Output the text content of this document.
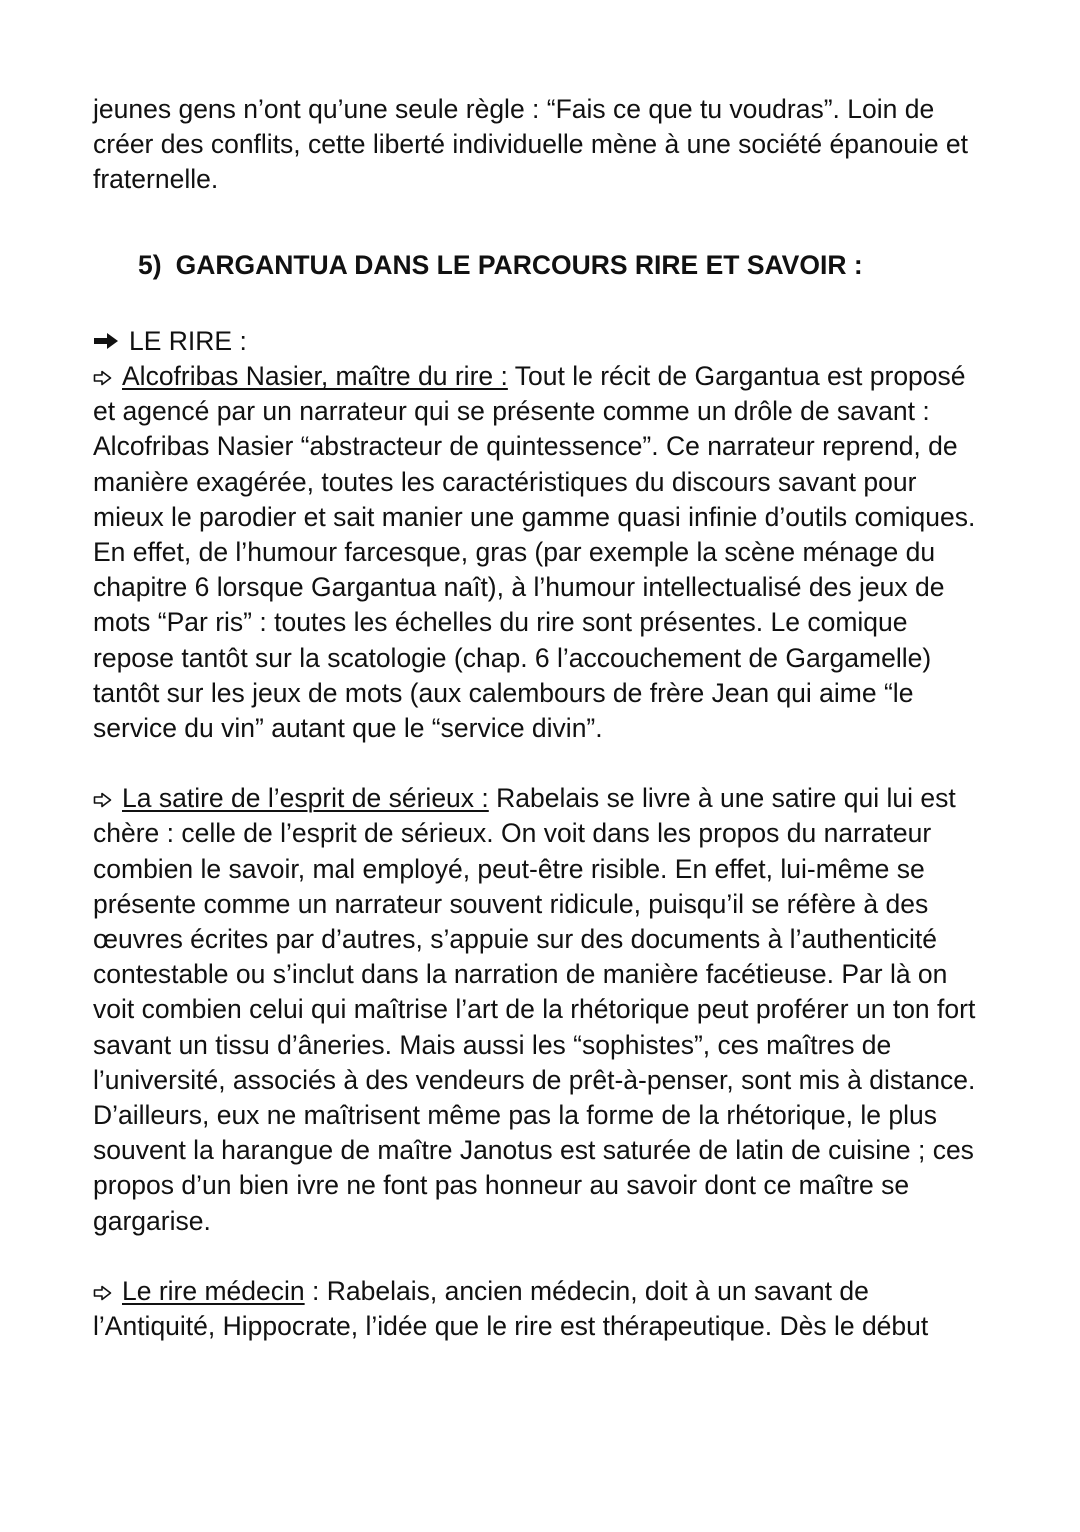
jeunes gens n’ont qu’une seule règle : “Fais ce que tu voudras”. Loin de créer des conflits, cette liberté individuelle mène à une société épanouie et fraternelle.

5) GARGANTUA DANS LE PARCOURS RIRE ET SAVOIR :
LE RIRE :

Alcofribas Nasier, maître du rire : Tout le récit de Gargantua est proposé et agencé par un narrateur qui se présente comme un drôle de savant : Alcofribas Nasier “abstracteur de quintessence”. Ce narrateur reprend, de manière exagérée, toutes les caractéristiques du discours savant pour mieux le parodier et sait manier une gamme quasi infinie d’outils comiques. En effet, de l’humour farcesque, gras (par exemple la scène ménage du chapitre 6 lorsque Gargantua naît), à l’humour intellectualisé des jeux de mots “Par ris” : toutes les échelles du rire sont présentes. Le comique repose tantôt sur la scatologie (chap. 6 l’accouchement de Gargamelle) tantôt sur les jeux de mots (aux calembours de frère Jean qui aime “le service du vin” autant que le “service divin”.

La satire de l’esprit de sérieux : Rabelais se livre à une satire qui lui est chère : celle de l’esprit de sérieux. On voit dans les propos du narrateur combien le savoir, mal employé, peut-être risible. En effet, lui-même se présente comme un narrateur souvent ridicule, puisqu’il se réfère à des œuvres écrites par d’autres, s’appuie sur des documents à l’authenticité contestable ou s’inclut dans la narration de manière facétieuse. Par là on voit combien celui qui maîtrise l’art de la rhétorique peut proférer un ton fort savant un tissu d’âneries. Mais aussi les “sophistes”, ces maîtres de l’université, associés à des vendeurs de prêt-à-penser, sont mis à distance. D’ailleurs, eux ne maîtrisent même pas la forme de la rhétorique, le plus souvent la harangue de maître Janotus est saturée de latin de cuisine ; ces propos d’un bien ivre ne font pas honneur au savoir dont ce maître se gargarise.

Le rire médecin : Rabelais, ancien médecin, doit à un savant de l’Antiquité, Hippocrate, l’idée que le rire est thérapeutique. Dès le début
